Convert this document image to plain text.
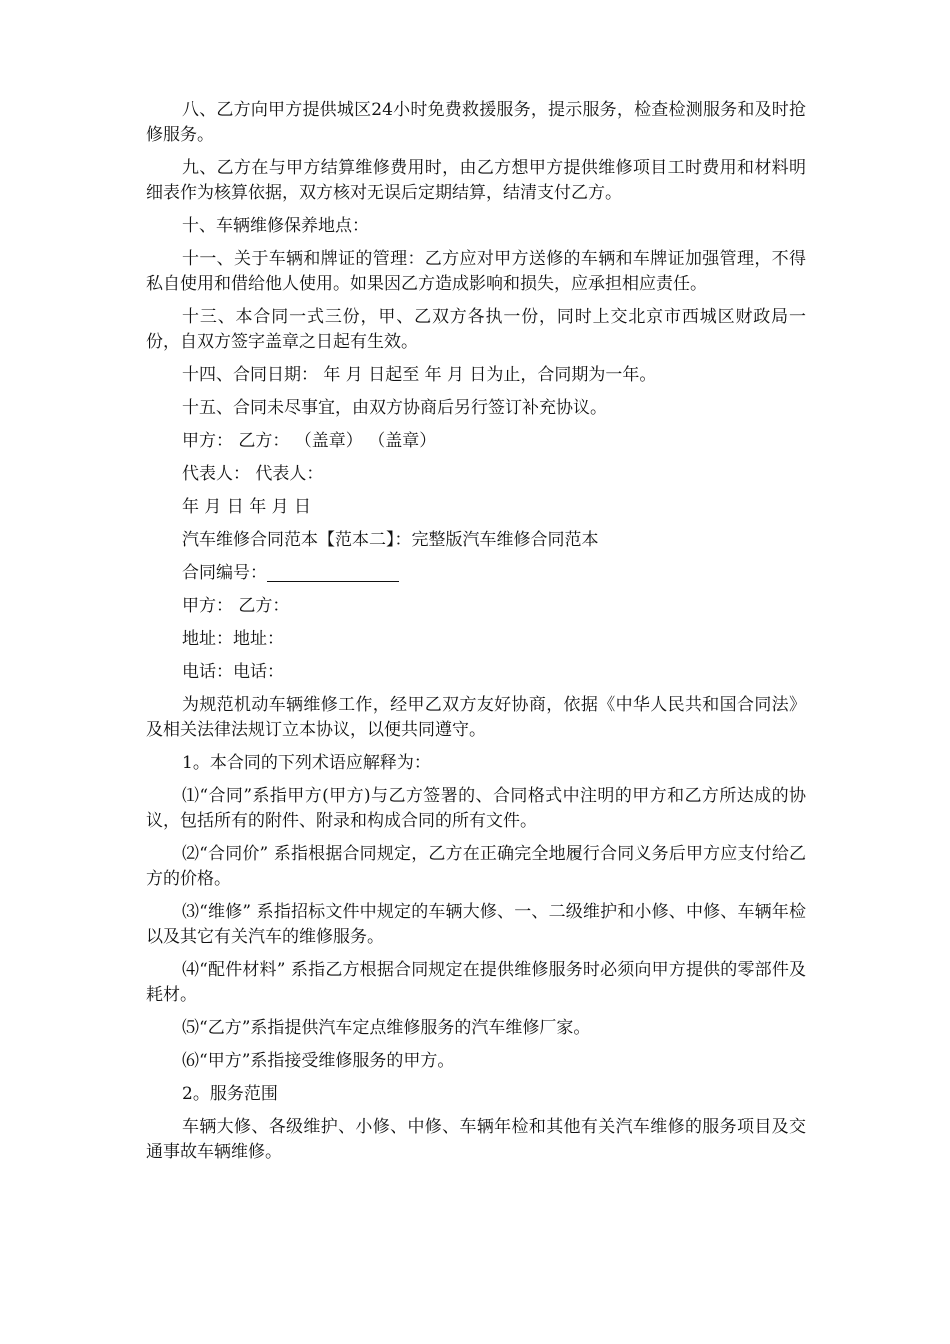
八、乙方向甲方提供城区24小时免费救援服务，提示服务，检查检测服务和及时抢修服务。

九、乙方在与甲方结算维修费用时，由乙方想甲方提供维修项目工时费用和材料明细表作为核算依据，双方核对无误后定期结算，结清支付乙方。

十、车辆维修保养地点：

十一、关于车辆和牌证的管理：乙方应对甲方送修的车辆和车牌证加强管理，不得私自使用和借给他人使用。如果因乙方造成影响和损失，应承担相应责任。

十三、本合同一式三份，甲、乙双方各执一份，同时上交北京市西城区财政局一份，自双方签字盖章之日起有生效。

十四、合同日期： 年 月 日起至 年 月 日为止，合同期为一年。

十五、合同未尽事宜，由双方协商后另行签订补充协议。

甲方： 乙方： （盖章） （盖章）

代表人： 代表人：

年 月 日 年 月 日

汽车维修合同范本【范本二】：完整版汽车维修合同范本

合同编号：

甲方： 乙方：

地址：地址：

电话：电话：

为规范机动车辆维修工作，经甲乙双方友好协商，依据《中华人民共和国合同法》及相关法律法规订立本协议，以便共同遵守。

1。本合同的下列术语应解释为：

⑴“合同”系指甲方(甲方)与乙方签署的、合同格式中注明的甲方和乙方所达成的协议，包括所有的附件、附录和构成合同的所有文件。

⑵“合同价” 系指根据合同规定，乙方在正确完全地履行合同义务后甲方应支付给乙方的价格。

⑶“维修” 系指招标文件中规定的车辆大修、一、二级维护和小修、中修、车辆年检以及其它有关汽车的维修服务。

⑷“配件材料” 系指乙方根据合同规定在提供维修服务时必须向甲方提供的零部件及耗材。

⑸“乙方”系指提供汽车定点维修服务的汽车维修厂家。

⑹“甲方”系指接受维修服务的甲方。

2。服务范围

车辆大修、各级维护、小修、中修、车辆年检和其他有关汽车维修的服务项目及交通事故车辆维修。
